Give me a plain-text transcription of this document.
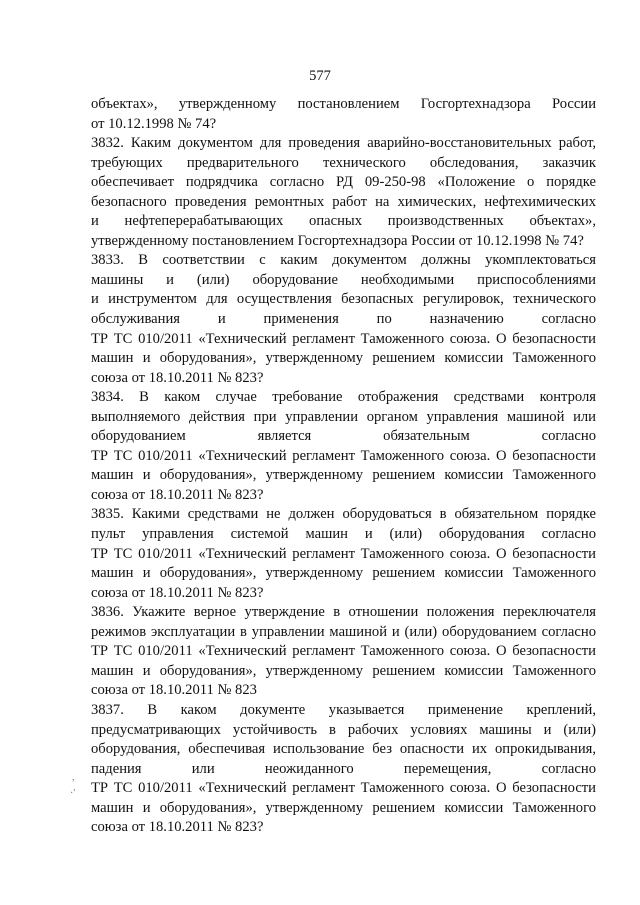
577
объектах», утвержденному постановлением Госгортехнадзора России
от 10.12.1998 № 74?
3832. Каким документом для проведения аварийно-восстановительных работ,
требующих предварительного технического обследования, заказчик
обеспечивает подрядчика согласно РД 09-250-98 «Положение о порядке
безопасного проведения ремонтных работ на химических, нефтехимических
и нефтеперерабатывающих опасных производственных объектах»,
утвержденному постановлением Госгортехнадзора России от 10.12.1998 № 74?
3833. В соответствии с каким документом должны укомплектоваться
машины и (или) оборудование необходимыми приспособлениями
и инструментом для осуществления безопасных регулировок, технического
обслуживания и применения по назначению согласно
ТР ТС 010/2011 «Технический регламент Таможенного союза. О безопасности
машин и оборудования», утвержденному решением комиссии Таможенного
союза от 18.10.2011 № 823?
3834. В каком случае требование отображения средствами контроля
выполняемого действия при управлении органом управления машиной или
оборудованием является обязательным согласно
ТР ТС 010/2011 «Технический регламент Таможенного союза. О безопасности
машин и оборудования», утвержденному решением комиссии Таможенного
союза от 18.10.2011 № 823?
3835. Какими средствами не должен оборудоваться в обязательном порядке
пульт управления системой машин и (или) оборудования согласно
ТР ТС 010/2011 «Технический регламент Таможенного союза. О безопасности
машин и оборудования», утвержденному решением комиссии Таможенного
союза от 18.10.2011 № 823?
3836. Укажите верное утверждение в отношении положения переключателя
режимов эксплуатации в управлении машиной и (или) оборудованием согласно
ТР ТС 010/2011 «Технический регламент Таможенного союза. О безопасности
машин и оборудования», утвержденному решением комиссии Таможенного
союза от 18.10.2011 № 823
3837. В каком документе указывается применение креплений,
предусматривающих устойчивость в рабочих условиях машины и (или)
оборудования, обеспечивая использование без опасности их опрокидывания,
падения или неожиданного перемещения, согласно
ТР ТС 010/2011 «Технический регламент Таможенного союза. О безопасности
машин и оборудования», утвержденному решением комиссии Таможенного
союза от 18.10.2011 № 823?
,
·'
